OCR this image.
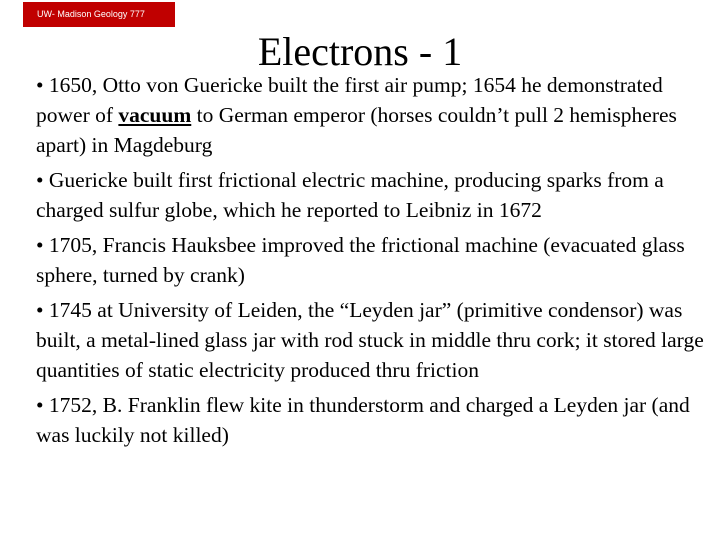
UW- Madison Geology 777
Electrons - 1
• 1650, Otto von Guericke built the first air pump; 1654 he demonstrated power of vacuum to German emperor (horses couldn’t pull 2 hemispheres apart) in Magdeburg
• Guericke built first frictional electric machine, producing sparks from a charged sulfur globe, which he reported to Leibniz in 1672
• 1705, Francis Hauksbee improved the frictional machine (evacuated glass sphere, turned by crank)
• 1745 at University of Leiden, the “Leyden jar” (primitive condensor) was built, a metal-lined glass jar with rod stuck in middle thru cork; it stored large quantities of static electricity produced thru friction
• 1752, B. Franklin flew kite in thunderstorm and charged a Leyden jar (and was luckily not killed)
